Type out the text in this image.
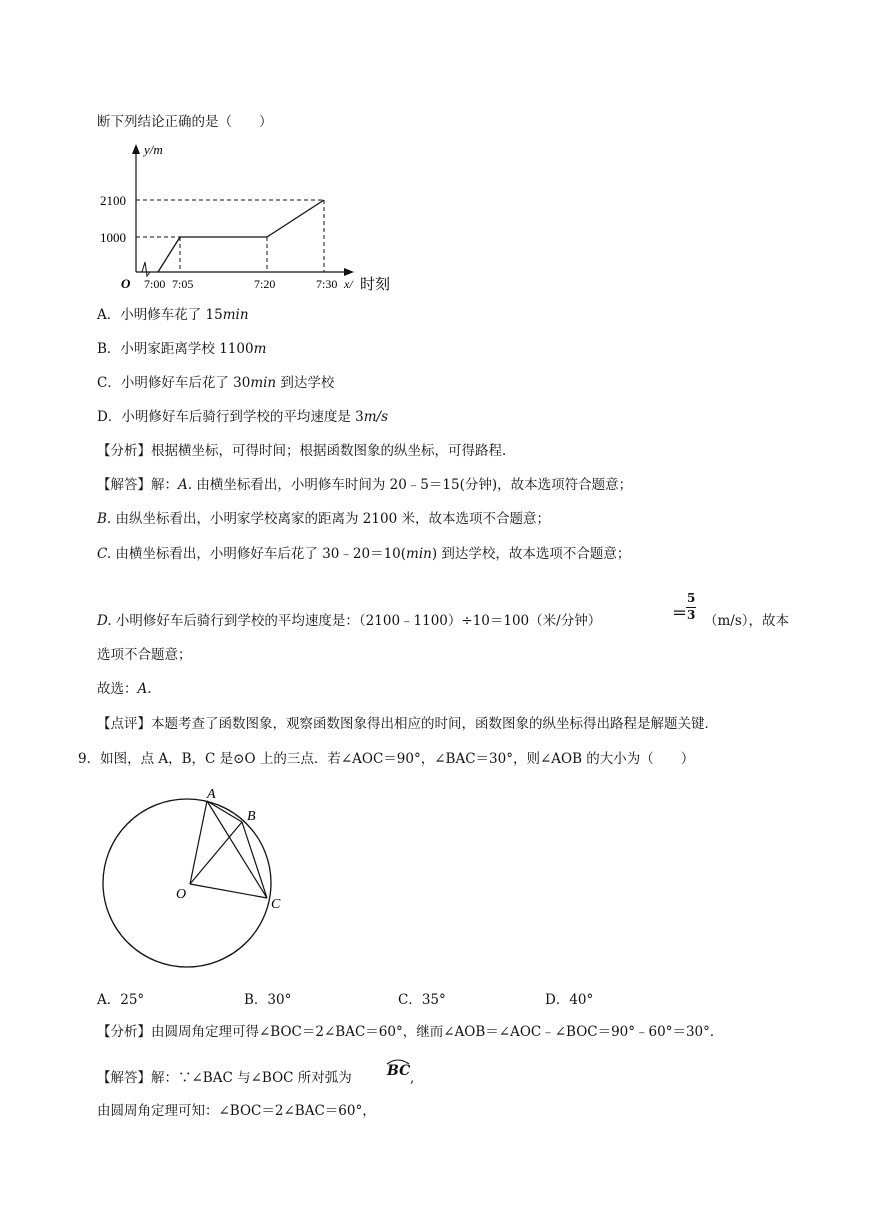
断下列结论正确的是（　　）
y/m
2100
1000
O 7:00 7:05	7:20	7:30 x/ 时刻
A．小明修车花了 15min
B．小明家距离学校 1100m
C．小明修好车后花了 30min 到达学校
D．小明修好车后骑行到学校的平均速度是 3m/s
【分析】根据横坐标，可得时间；根据函数图象的纵坐标，可得路程．
【解答】解：A. 由横坐标看出，小明修车时间为 20﹣5＝15(分钟)，故本选项符合题意；
B. 由纵坐标看出，小明家学校离家的距离为 2100 米，故本选项不合题意；
C. 由横坐标看出，小明修好车后花了 30﹣20＝10(min) 到达学校，故本选项不合题意；
D. 小明修好车后骑行到学校的平均速度是：（2100﹣1100）÷10＝100（米/分钟）	＝
5
3 （m/s），故本
选项不合题意；
故选：A.
【点评】本题考查了函数图象，观察函数图象得出相应的时间，函数图象的纵坐标得出路程是解题关键．
9．如图，点 A，B，C 是⊙O 上的三点．若∠AOC＝90°，∠BAC＝30°，则∠AOB 的大小为（　　）
A
B
C
O
A．25°	B．30°	C．35°	D．40°
【分析】由圆周角定理可得∠BOC＝2∠BAC＝60°，继而∠AOB＝∠AOC﹣∠BOC＝90°﹣60°＝30°．
【解答】解：∵∠BAC 与∠BOC 所对弧为	BC ,
由圆周角定理可知：∠BOC＝2∠BAC＝60°，
